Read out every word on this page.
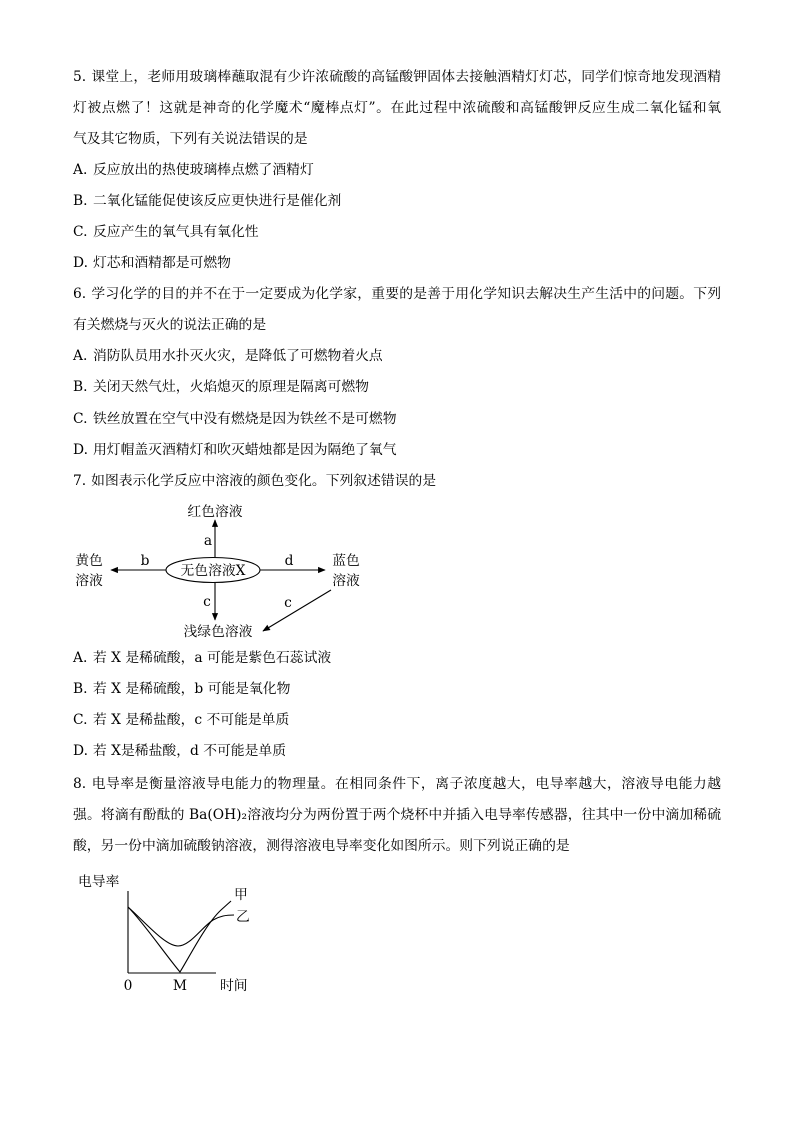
5. 课堂上，老师用玻璃棒蘸取混有少许浓硫酸的高锰酸钾固体去接触酒精灯灯芯，同学们惊奇地发现酒精
灯被点燃了！这就是神奇的化学魔术“魔棒点灯”。在此过程中浓硫酸和高锰酸钾反应生成二氧化锰和氧
气及其它物质，下列有关说法错误的是
A. 反应放出的热使玻璃棒点燃了酒精灯
B. 二氧化锰能促使该反应更快进行是催化剂
C. 反应产生的氧气具有氧化性
D. 灯芯和酒精都是可燃物
6. 学习化学的目的并不在于一定要成为化学家，重要的是善于用化学知识去解决生产生活中的问题。下列
有关燃烧与灭火的说法正确的是
A. 消防队员用水扑灭火灾，是降低了可燃物着火点
B. 关闭天然气灶，火焰熄灭的原理是隔离可燃物
C. 铁丝放置在空气中没有燃烧是因为铁丝不是可燃物
D. 用灯帽盖灭酒精灯和吹灭蜡烛都是因为隔绝了氧气
7. 如图表示化学反应中溶液的颜色变化。下列叙述错误的是
红色溶液
a
无色溶液X
b
黄色
溶液
d	蓝色
溶液
c
浅绿色溶液
c
A. 若 X 是稀硫酸，a 可能是紫色石蕊试液
B. 若 X 是稀硫酸，b 可能是氧化物
C. 若 X 是稀盐酸，c 不可能是单质
D. 若 X是稀盐酸，d 不可能是单质
8. 电导率是衡量溶液导电能力的物理量。在相同条件下，离子浓度越大，电导率越大，溶液导电能力越
强。将滴有酚酞的 Ba(OH)₂溶液均分为两份置于两个烧杯中并插入电导率传感器，往其中一份中滴加稀硫
酸，另一份中滴加硫酸钠溶液，测得溶液电导率变化如图所示。则下列说正确的是
电导率
0	M 时间
甲
乙
